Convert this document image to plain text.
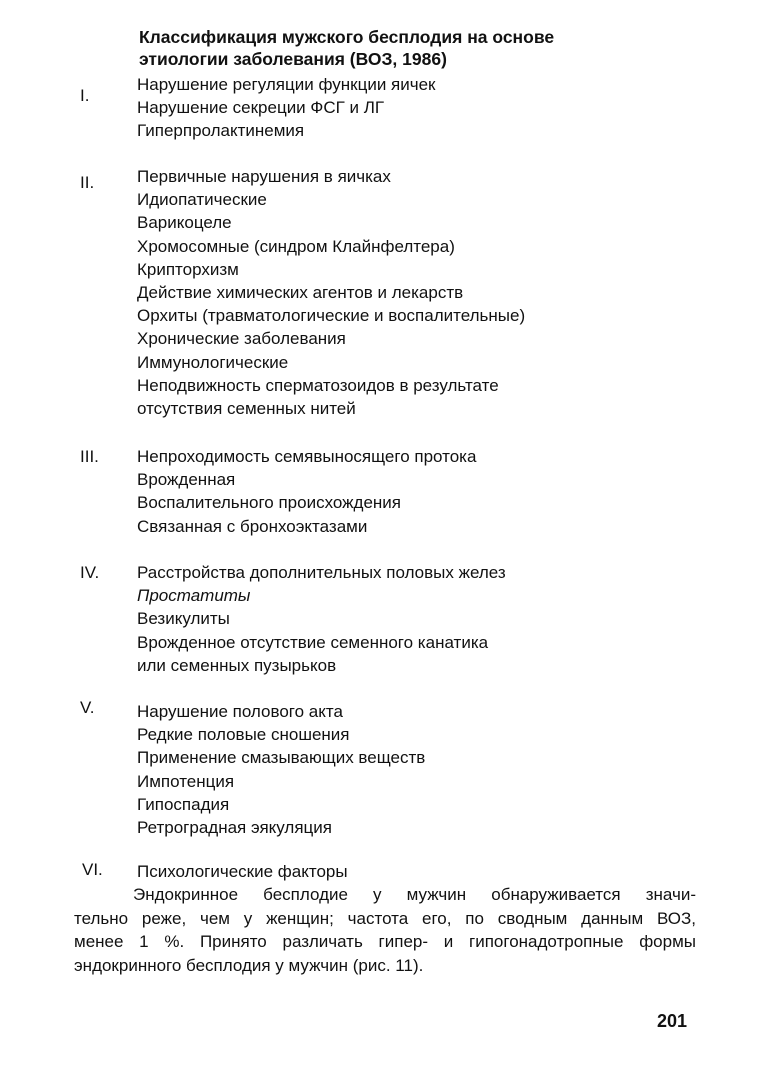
Классификация мужского бесплодия на основе
этиологии заболевания (ВОЗ, 1986)
I.
Нарушение регуляции функции яичек
Нарушение секреции ФСГ и ЛГ
Гиперпролактинемия
II.	Первичные нарушения в яичках
Идиопатические
Варикоцеле
Хромосомные (синдром Клайнфелтера)
Крипторхизм
Действие химических агентов и лекарств
Орхиты (травматологические и воспалительные)
Хронические заболевания
Иммунологические
Неподвижность сперматозоидов в результате
отсутствия семенных нитей
III. Непроходимость семявыносящего протока
Врожденная
Воспалительного происхождения
Связанная с бронхоэктазами
IV. Расстройства дополнительных половых желез
Простатиты
Везикулиты
Врожденное отсутствие семенного канатика
или семенных пузырьков
V. Нарушение полового акта
Редкие половые сношения
Применение смазывающих веществ
Импотенция
Гипоспадия
Ретроградная эякуляция
VI. Психологические факторы
Эндокринное бесплодие у мужчин обнаруживается значи-
тельно реже, чем у женщин; частота его, по сводным данным ВОЗ,
менее 1 %. Принято различать гипер- и гипогонадотропные формы
эндокринного бесплодия у мужчин (рис. 11).
201
